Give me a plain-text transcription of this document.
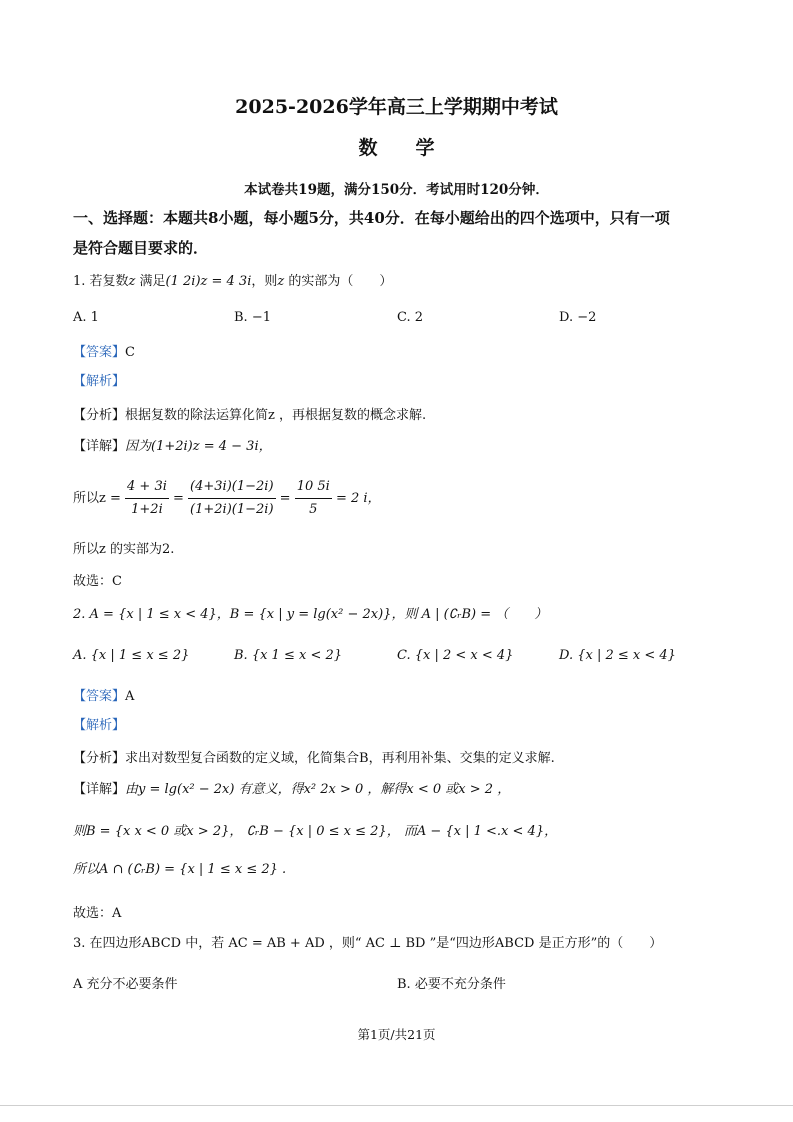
2025-2026学年高三上学期期中考试
数　　学
本试卷共19题，满分150分．考试用时120分钟．
一、选择题：本题共8小题，每小题5分，共40分．在每小题给出的四个选项中，只有一项
是符合题目要求的．
1. 若复数z 满足(1 2i)z = 4 3i，则z 的实部为（　　）
A. 1	B. −1	C. 2	D. −2
【答案】C
【解析】
【分析】根据复数的除法运算化简z ，再根据复数的概念求解.
【详解】因为(1+2i)z = 4 − 3i，
所以$z = \frac{4 + 3i}{1+2i} = \frac{(4+3i)(1-2i)}{(1+2i)(1-2i)} = \frac{10 5i}{5} = 2$ i，
所以z 的实部为2.
故选：C
2. A = {x | 1 ≤ x < 4}，B = {x | y = lg(x² − 2x)}，则 A | (∁ᵣB) = （　　）
A. {x | 1 ≤ x ≤ 2}	B. {x 1 ≤ x < 2}	C. {x | 2 < x < 4}	D. {x | 2 ≤ x < 4}
【答案】A
【解析】
【分析】求出对数型复合函数的定义域，化简集合B，再利用补集、交集的定义求解.
【详解】由y = lg(x² − 2x) 有意义，得x² 2x > 0 ，解得x < 0 或x > 2 ，
则B = {x x < 0 或x > 2}， ∁ᵣB − {x | 0 ≤ x ≤ 2}， 而A − {x | 1 <.x < 4}，
所以A ∩ (∁ᵣB) = {x | 1 ≤ x ≤ 2} .
故选：A
3. 在四边形ABCD 中，若 AC = AB + AD ，则“ AC ⊥ BD ”是“四边形ABCD 是正方形”的（　　）
A 充分不必要条件	B. 必要不充分条件
第1页/共21页
